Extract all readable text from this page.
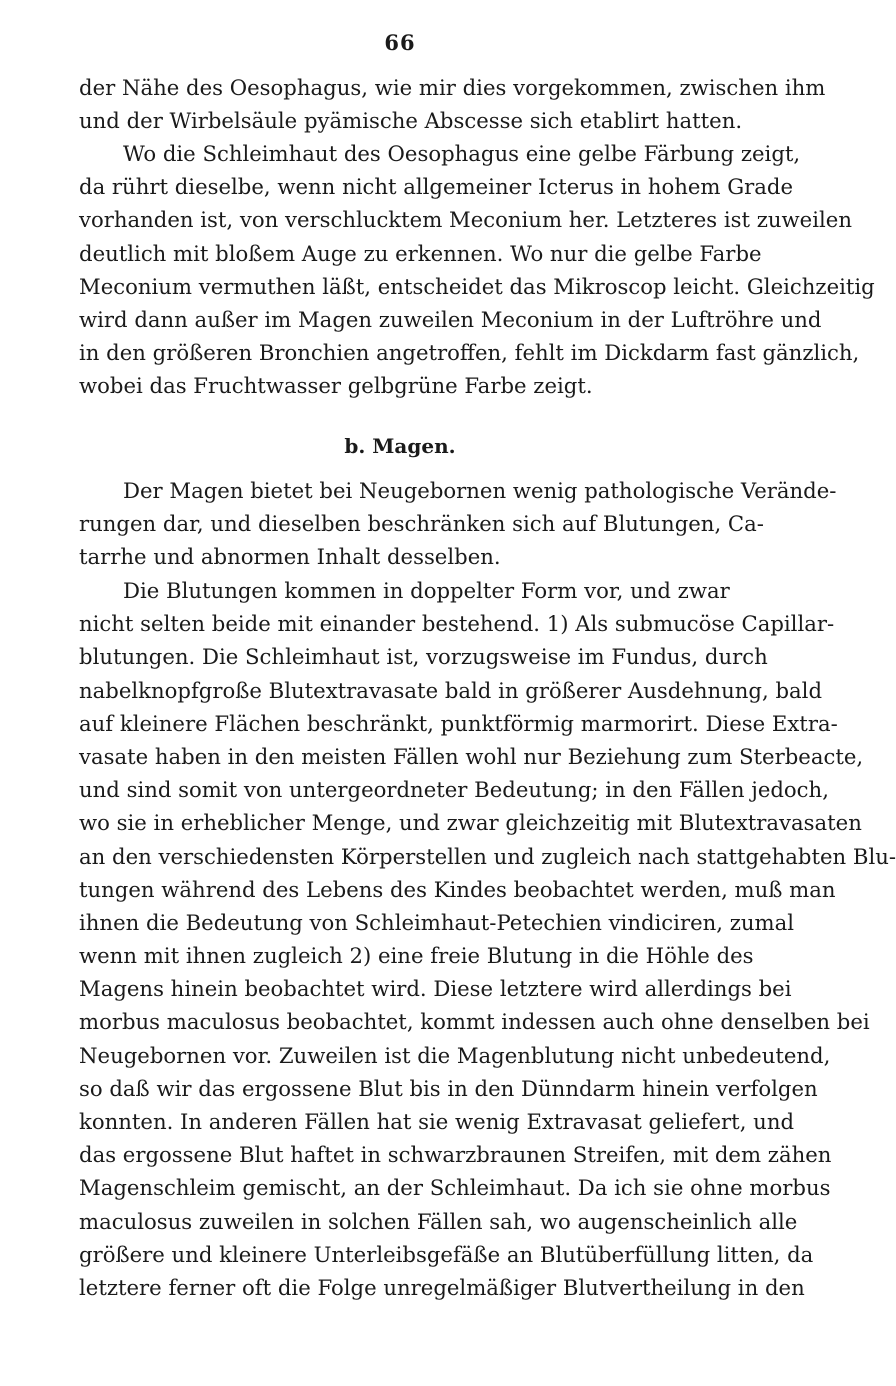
66
der Nähe des Oesophagus, wie mir dies vorgekommen, zwischen ihm
und der Wirbelsäule pyämische Abscesse sich etablirt hatten.
Wo die Schleimhaut des Oesophagus eine gelbe Färbung zeigt,
da rührt dieselbe, wenn nicht allgemeiner Icterus in hohem Grade
vorhanden ist, von verschlucktem Meconium her. Letzteres ist zuweilen
deutlich mit bloßem Auge zu erkennen. Wo nur die gelbe Farbe
Meconium vermuthen läßt, entscheidet das Mikroscop leicht. Gleichzeitig
wird dann außer im Magen zuweilen Meconium in der Luftröhre und
in den größeren Bronchien angetroffen, fehlt im Dickdarm fast gänzlich,
wobei das Fruchtwasser gelbgrüne Farbe zeigt.
b. Magen.
Der Magen bietet bei Neugebornen wenig pathologische Verände-
rungen dar, und dieselben beschränken sich auf Blutungen, Ca-
tarrhe und abnormen Inhalt desselben.
Die Blutungen kommen in doppelter Form vor, und zwar
nicht selten beide mit einander bestehend. 1) Als submucöse Capillar-
blutungen. Die Schleimhaut ist, vorzugsweise im Fundus, durch
nabelknopfgroße Blutextravasate bald in größerer Ausdehnung, bald
auf kleinere Flächen beschränkt, punktförmig marmorirt. Diese Extra-
vasate haben in den meisten Fällen wohl nur Beziehung zum Sterbeacte,
und sind somit von untergeordneter Bedeutung; in den Fällen jedoch,
wo sie in erheblicher Menge, und zwar gleichzeitig mit Blutextravasaten
an den verschiedensten Körperstellen und zugleich nach stattgehabten Blu-
tungen während des Lebens des Kindes beobachtet werden, muß man
ihnen die Bedeutung von Schleimhaut-Petechien vindiciren, zumal
wenn mit ihnen zugleich 2) eine freie Blutung in die Höhle des
Magens hinein beobachtet wird. Diese letztere wird allerdings bei
morbus maculosus beobachtet, kommt indessen auch ohne denselben bei
Neugebornen vor. Zuweilen ist die Magenblutung nicht unbedeutend,
so daß wir das ergossene Blut bis in den Dünndarm hinein verfolgen
konnten. In anderen Fällen hat sie wenig Extravasat geliefert, und
das ergossene Blut haftet in schwarzbraunen Streifen, mit dem zähen
Magenschleim gemischt, an der Schleimhaut. Da ich sie ohne morbus
maculosus zuweilen in solchen Fällen sah, wo augenscheinlich alle
größere und kleinere Unterleibsgefäße an Blutüberfüllung litten, da
letztere ferner oft die Folge unregelmäßiger Blutvertheilung in den
